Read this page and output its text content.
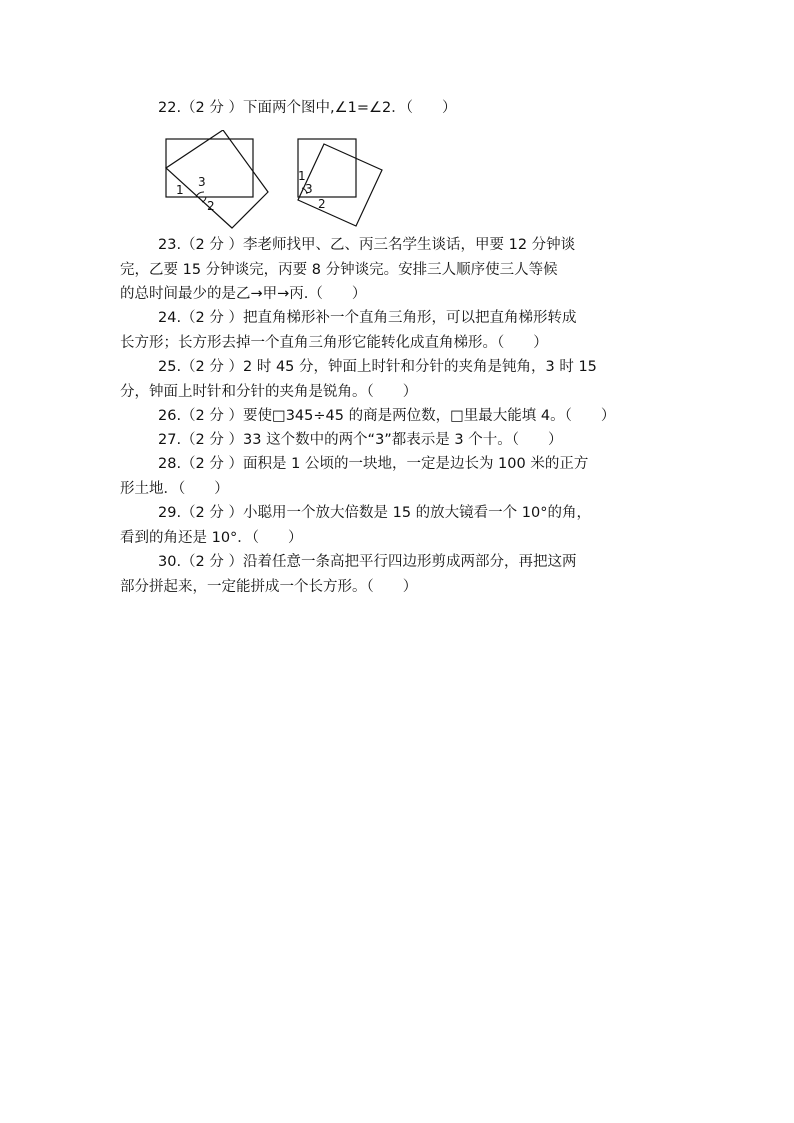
22.（2 分 ）下面两个图中,∠1=∠2．（　　）
1
3
2
1
3
2
23.（2 分 ）李老师找甲、乙、丙三名学生谈话，甲要 12 分钟谈
完，乙要 15 分钟谈完，丙要 8 分钟谈完。安排三人顺序使三人等候
的总时间最少的是乙→甲→丙.（　　）
24.（2 分 ）把直角梯形补一个直角三角形，可以把直角梯形转成
长方形；长方形去掉一个直角三角形它能转化成直角梯形。（　　）
25.（2 分 ）2 时 45 分，钟面上时针和分针的夹角是钝角，3 时 15
分，钟面上时针和分针的夹角是锐角。（　　）
26.（2 分 ）要使□345÷45 的商是两位数，□里最大能填 4。（　　）
27.（2 分 ）33 这个数中的两个“3”都表示是 3 个十。（　　）
28.（2 分 ）面积是 1 公顷的一块地，一定是边长为 100 米的正方
形土地．（　　）
29.（2 分 ）小聪用一个放大倍数是 15 的放大镜看一个 10°的角，
看到的角还是 10°．（　　）
30.（2 分 ）沿着任意一条高把平行四边形剪成两部分，再把这两
部分拼起来，一定能拼成一个长方形。（　　）
